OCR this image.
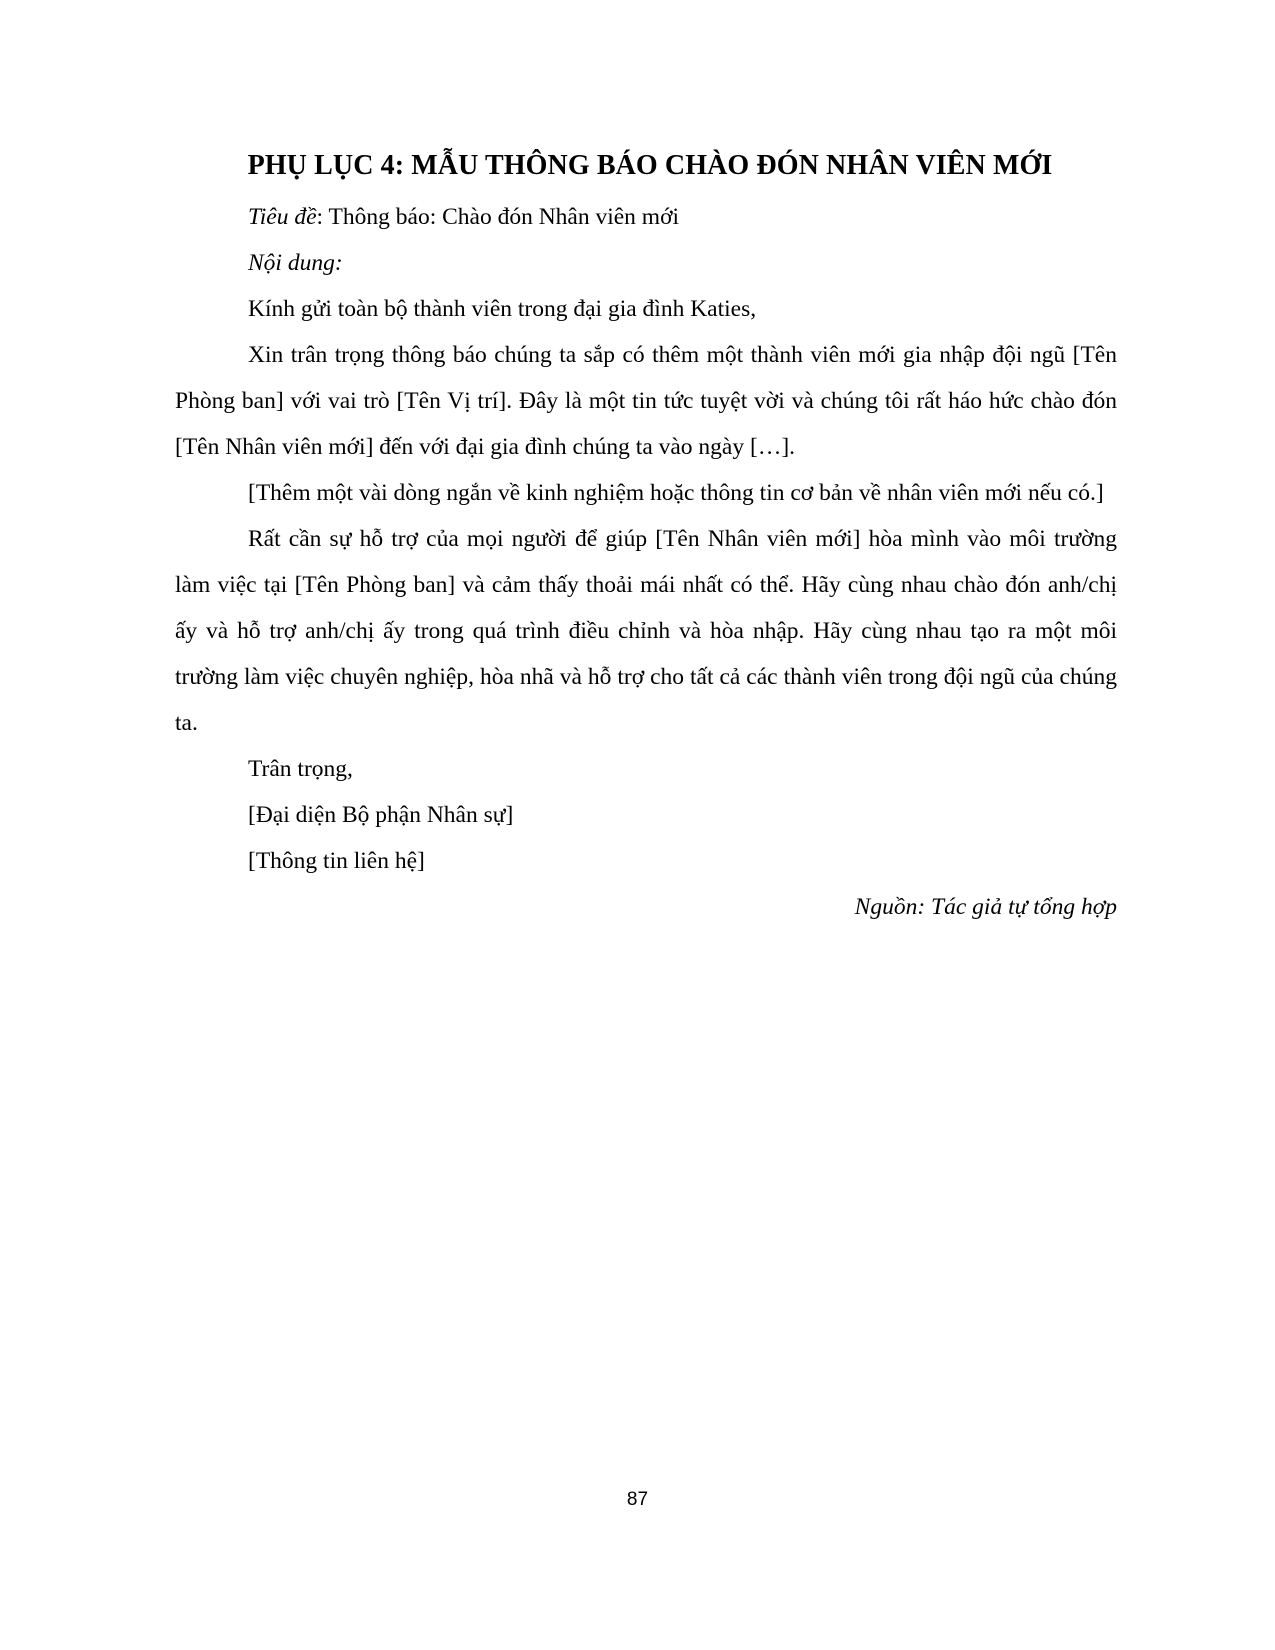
PHỤ LỤC 4: MẪU THÔNG BÁO CHÀO ĐÓN NHÂN VIÊN MỚI

Tiêu đề: Thông báo: Chào đón Nhân viên mới

Nội dung:

Kính gửi toàn bộ thành viên trong đại gia đình Katies,

Xin trân trọng thông báo chúng ta sắp có thêm một thành viên mới gia nhập đội ngũ [Tên Phòng ban] với vai trò [Tên Vị trí]. Đây là một tin tức tuyệt vời và chúng tôi rất háo hức chào đón [Tên Nhân viên mới] đến với đại gia đình chúng ta vào ngày […].

[Thêm một vài dòng ngắn về kinh nghiệm hoặc thông tin cơ bản về nhân viên mới nếu có.]

Rất cần sự hỗ trợ của mọi người để giúp [Tên Nhân viên mới] hòa mình vào môi trường làm việc tại [Tên Phòng ban] và cảm thấy thoải mái nhất có thể. Hãy cùng nhau chào đón anh/chị ấy và hỗ trợ anh/chị ấy trong quá trình điều chỉnh và hòa nhập. Hãy cùng nhau tạo ra một môi trường làm việc chuyên nghiệp, hòa nhã và hỗ trợ cho tất cả các thành viên trong đội ngũ của chúng ta.

Trân trọng,

[Đại diện Bộ phận Nhân sự]

[Thông tin liên hệ]

Nguồn: Tác giả tự tổng hợp

87
